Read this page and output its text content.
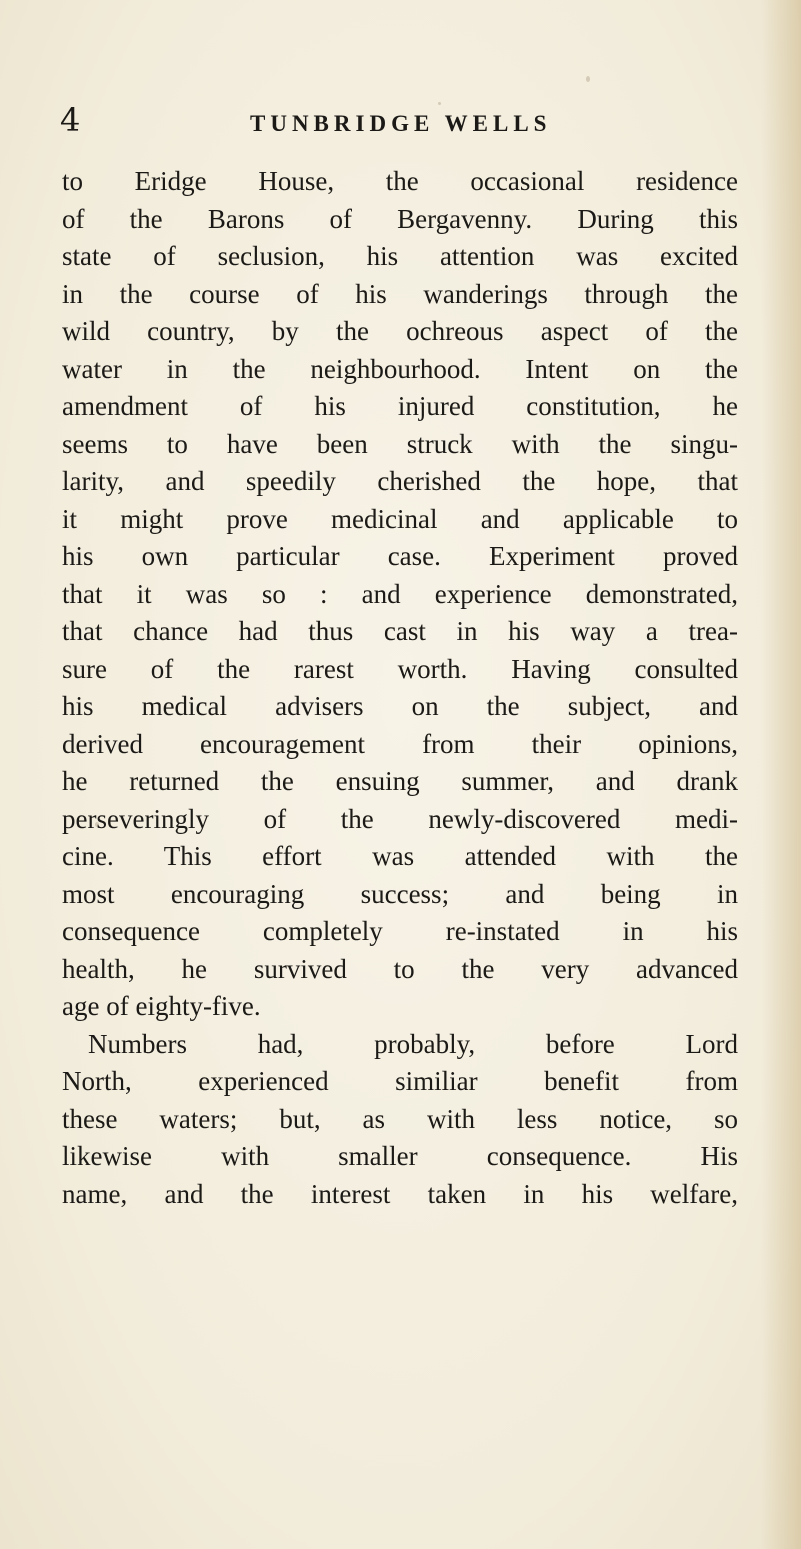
4	TUNBRIDGE WELLS
to Eridge House, the occasional residence
of the Barons of Bergavenny. During this
state of seclusion, his attention was excited
in the course of his wanderings through the
wild country, by the ochreous aspect of the
water in the neighbourhood. Intent on the
amendment of his injured constitution, he
seems to have been struck with the singu-
larity, and speedily cherished the hope, that
it might prove medicinal and applicable to
his own particular case. Experiment proved
that it was so : and experience demonstrated,
that chance had thus cast in his way a trea-
sure of the rarest worth. Having consulted
his medical advisers on the subject, and
derived encouragement from their opinions,
he returned the ensuing summer, and drank
perseveringly of the newly-discovered medi-
cine. This effort was attended with the
most encouraging success; and being in
consequence completely re-instated in his
health, he survived to the very advanced
age of eighty-five.
Numbers had, probably, before Lord
North, experienced similiar benefit from
these waters; but, as with less notice, so
likewise with smaller consequence. His
name, and the interest taken in his welfare,
